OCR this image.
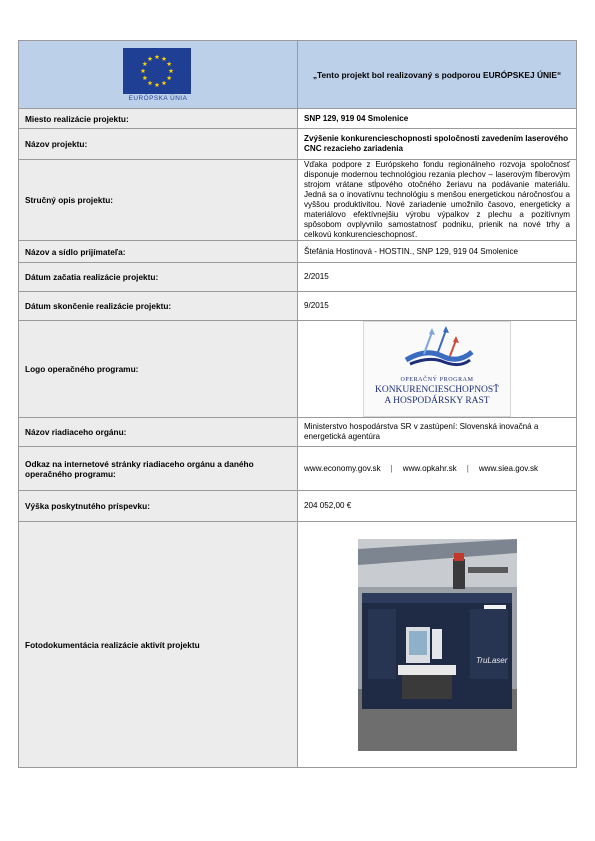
EURÓPSKA ÚNIA	„Tento projekt bol realizovaný s podporou EURÓPSKEJ ÚNIE“
Miesto realizácie projektu:	SNP 129, 919 04 Smolenice
Názov projektu:	Zvýšenie konkurencieschopnosti spoločnosti zavedením laserového CNC rezacieho zariadenia
Stručný opis projektu:	Vďaka podpore z Európskeho fondu regionálneho rozvoja spoločnosť disponuje modernou technológiou rezania plechov – laserovým fiberovým strojom vrátane stĺpového otočného žeriavu na podávanie materiálu. Jedná sa o inovatívnu technológiu s menšou energetickou náročnosťou a vyššou produktivitou. Nové zariadenie umožnilo časovo, energeticky a materiálovo efektívnejšiu výrobu výpalkov z plechu a pozitívnym spôsobom ovplyvnilo samostatnosť podniku, prienik na nové trhy a celkovú konkurencieschopnosť.
Názov a sídlo prijímateľa:	Štefánia Hostinová - HOSTIN., SNP 129, 919 04 Smolenice
Dátum začatia realizácie projektu:	2/2015
Dátum skončenie realizácie projektu:	9/2015
Logo operačného programu:	OPERAČNÝ PROGRAM
KONKURENCIESCHOPNOSŤ
A HOSPODÁRSKY RAST

Názov riadiaceho orgánu:	Ministerstvo hospodárstva SR v zastúpení: Slovenská inovačná a energetická agentúra
Odkaz na internetové stránky riadiaceho orgánu a daného operačného programu:	www.economy.gov.sk | www.opkahr.sk | www.siea.gov.sk
Výška poskytnutého príspevku:	204 052,00 €
Fotodokumentácia realizácie aktivít projektu	TruLaser
